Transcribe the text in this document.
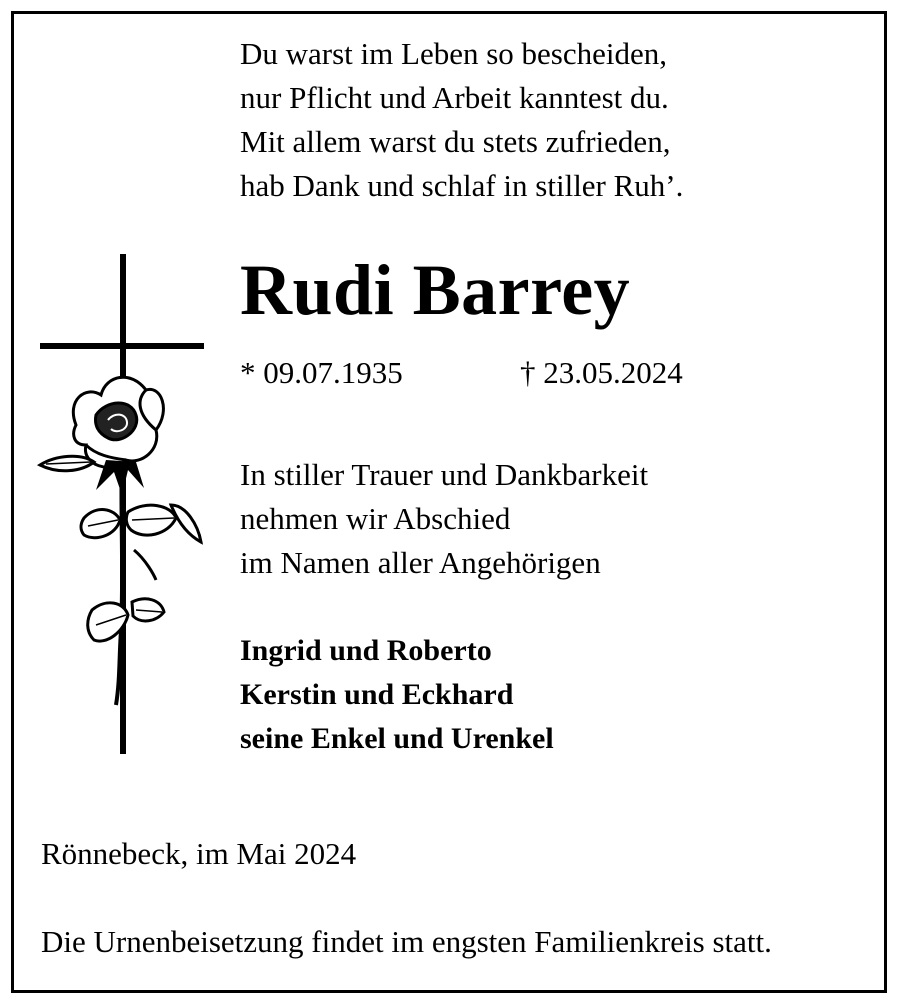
Du warst im Leben so bescheiden,
nur Pflicht und Arbeit kanntest du.
Mit allem warst du stets zufrieden,
hab Dank und schlaf in stiller Ruh’.
Rudi Barrey
* 09.07.1935	† 23.05.2024
In stiller Trauer und Dankbarkeit
nehmen wir Abschied
im Namen aller Angehörigen
Ingrid und Roberto
Kerstin und Eckhard
seine Enkel und Urenkel
Rönnebeck, im Mai 2024
Die Urnenbeisetzung findet im engsten Familienkreis statt.
